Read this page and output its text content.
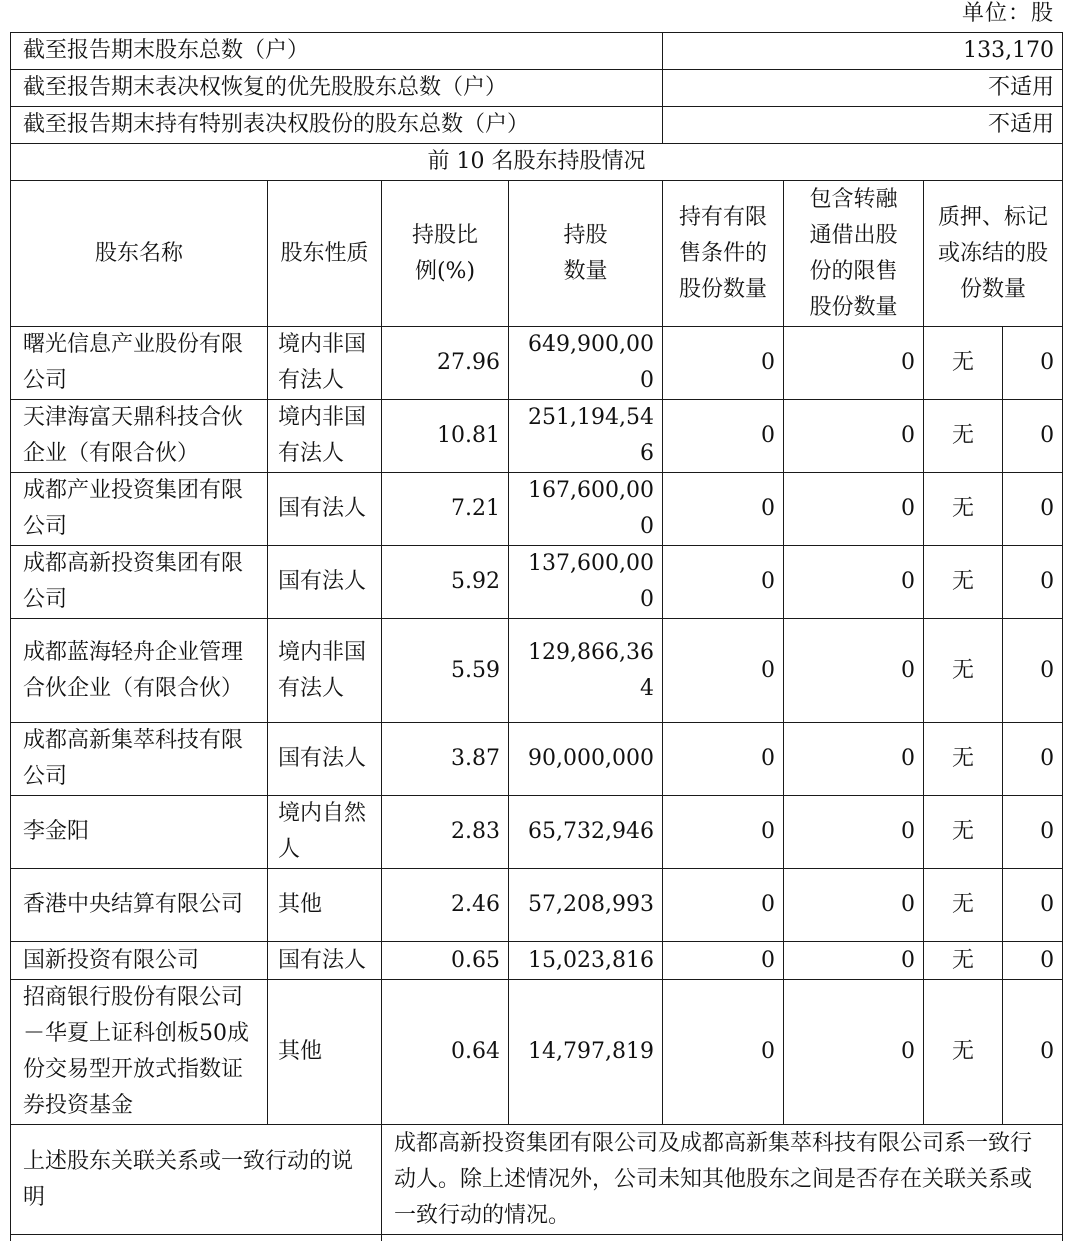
单位：股
截至报告期末股东总数（户）				133,170			
截至报告期末表决权恢复的优先股股东总数（户）				不适用			
截至报告期末持有特别表决权股份的股东总数（户）				不适用			
前 10 名股东持股情况							
股东名称	股东性质	持股比例(%)	持股数量	持有有限售条件的股份数量	包含转融通借出股份的限售股份数量	质押、标记或冻结的股份数量	
曙光信息产业股份有限公司	境内非国有法人	27.96	649,900,000	0	0	无	0
天津海富天鼎科技合伙企业（有限合伙）	境内非国有法人	10.81	251,194,546	0	0	无	0
成都产业投资集团有限公司	国有法人	7.21	167,600,000	0	0	无	0
成都高新投资集团有限公司	国有法人	5.92	137,600,000	0	0	无	0
成都蓝海轻舟企业管理合伙企业（有限合伙）	境内非国有法人	5.59	129,866,364	0	0	无	0
成都高新集萃科技有限公司	国有法人	3.87	90,000,000	0	0	无	0
李金阳	境内自然人	2.83	65,732,946	0	0	无	0
香港中央结算有限公司	其他	2.46	57,208,993	0	0	无	0
国新投资有限公司	国有法人	0.65	15,023,816	0	0	无	0
招商银行股份有限公司－华夏上证科创板50成份交易型开放式指数证券投资基金	其他	0.64	14,797,819	0	0	无	0
上述股东关联关系或一致行动的说明		成都高新投资集团有限公司及成都高新集萃科技有限公司系一致行动人。除上述情况外，公司未知其他股东之间是否存在关联关系或一致行动的情况。					
